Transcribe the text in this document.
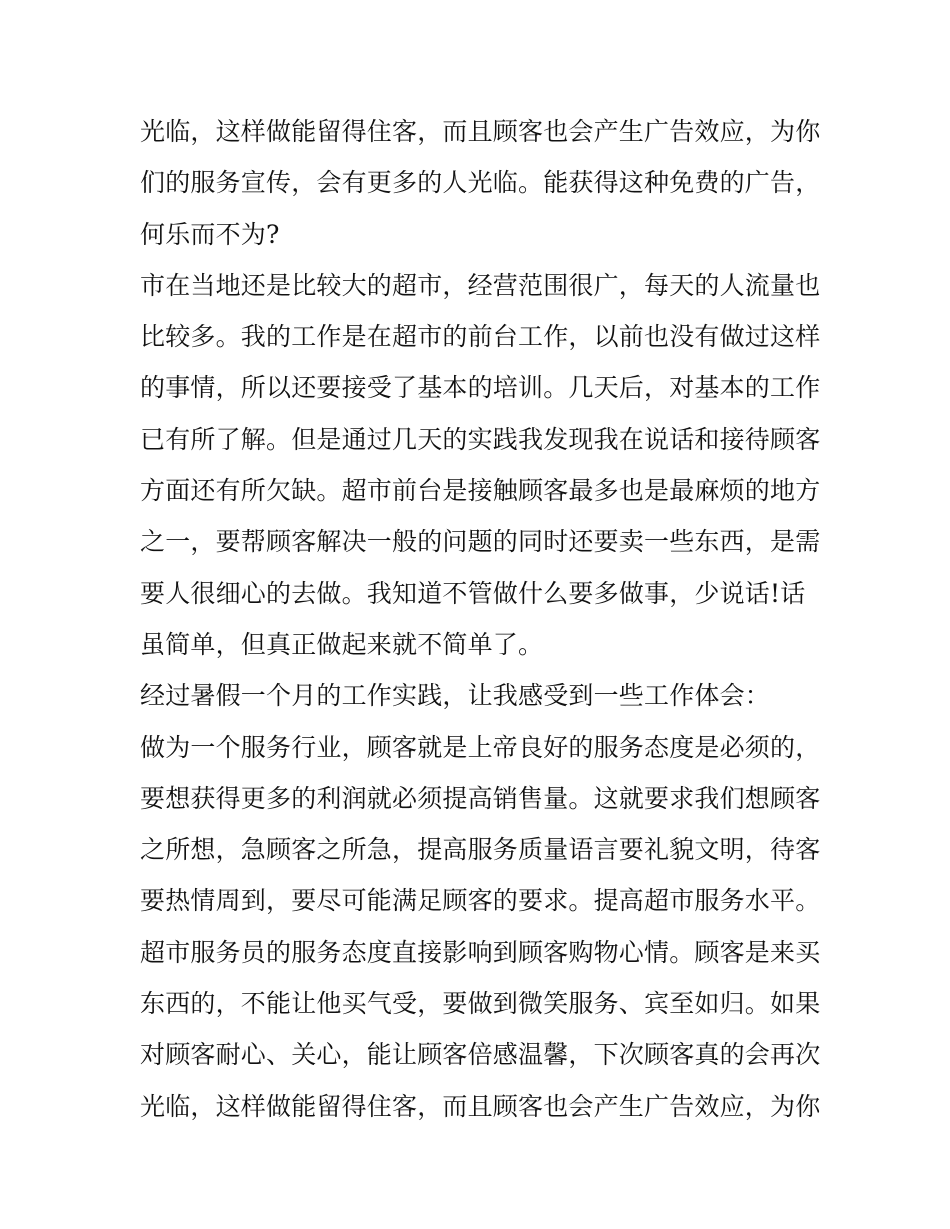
光临，这样做能留得住客，而且顾客也会产生广告效应，为你
们的服务宣传，会有更多的人光临。能获得这种免费的广告，
何乐而不为?
市在当地还是比较大的超市，经营范围很广，每天的人流量也
比较多。我的工作是在超市的前台工作，以前也没有做过这样
的事情，所以还要接受了基本的培训。几天后，对基本的工作
已有所了解。但是通过几天的实践我发现我在说话和接待顾客
方面还有所欠缺。超市前台是接触顾客最多也是最麻烦的地方
之一，要帮顾客解决一般的问题的同时还要卖一些东西，是需
要人很细心的去做。我知道不管做什么要多做事，少说话!话
虽简单，但真正做起来就不简单了。
经过暑假一个月的工作实践，让我感受到一些工作体会：
做为一个服务行业，顾客就是上帝良好的服务态度是必须的，
要想获得更多的利润就必须提高销售量。这就要求我们想顾客
之所想，急顾客之所急，提高服务质量语言要礼貌文明，待客
要热情周到，要尽可能满足顾客的要求。提高超市服务水平。
超市服务员的服务态度直接影响到顾客购物心情。顾客是来买
东西的，不能让他买气受，要做到微笑服务、宾至如归。如果
对顾客耐心、关心，能让顾客倍感温馨，下次顾客真的会再次
光临，这样做能留得住客，而且顾客也会产生广告效应，为你
